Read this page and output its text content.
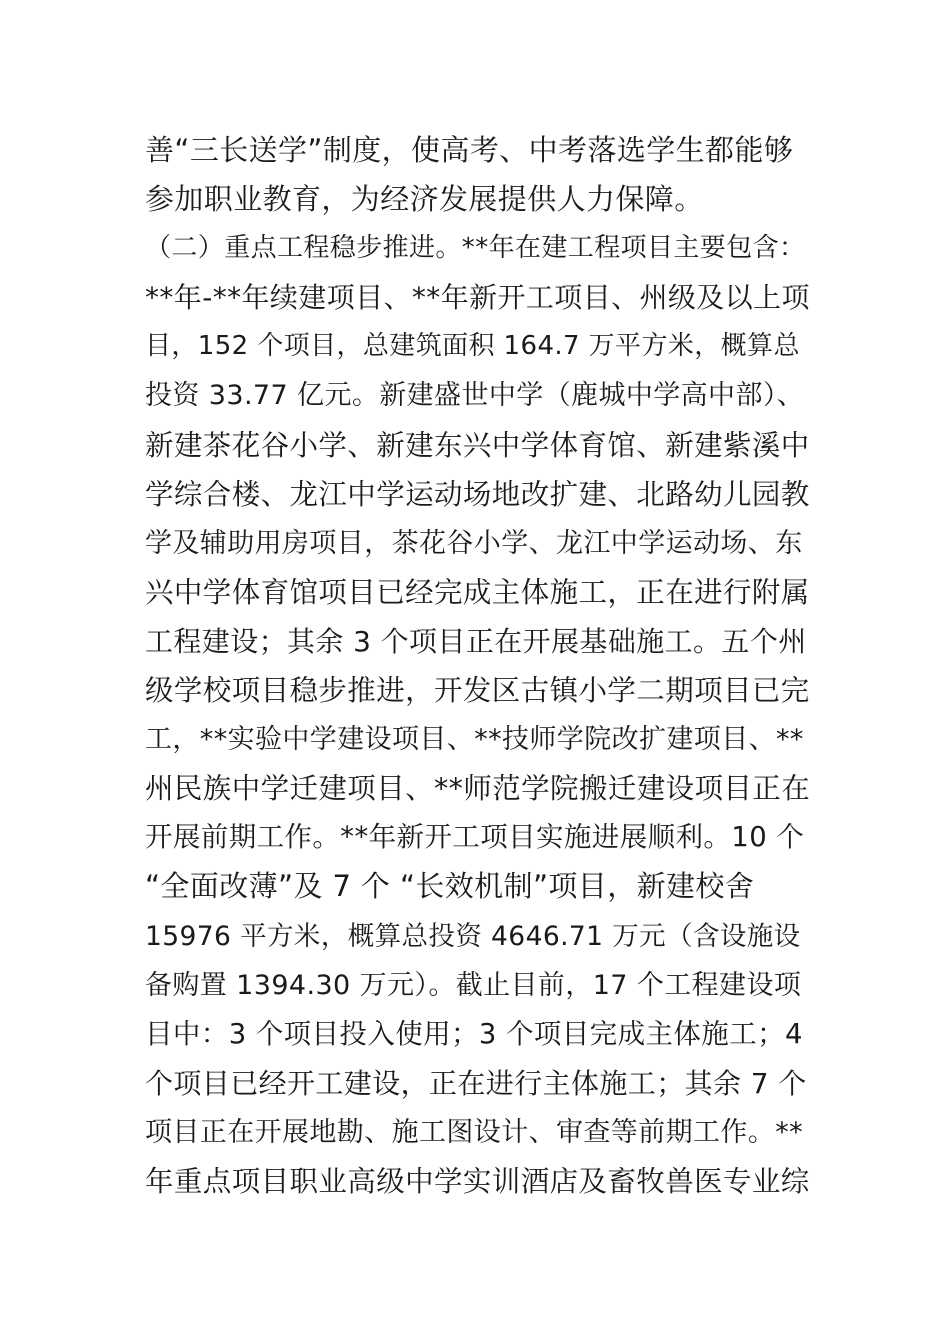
善“三长送学”制度，使高考、中考落选学生都能够
参加职业教育，为经济发展提供人力保障。
（二）重点工程稳步推进。**年在建工程项目主要包含：
**年-**年续建项目、**年新开工项目、州级及以上项
目，152 个项目，总建筑面积 164.7 万平方米，概算总
投资 33.77 亿元。新建盛世中学（鹿城中学高中部）、
新建茶花谷小学、新建东兴中学体育馆、新建紫溪中
学综合楼、龙江中学运动场地改扩建、北路幼儿园教
学及辅助用房项目，茶花谷小学、龙江中学运动场、东
兴中学体育馆项目已经完成主体施工，正在进行附属
工程建设；其余 3 个项目正在开展基础施工。五个州
级学校项目稳步推进，开发区古镇小学二期项目已完
工，**实验中学建设项目、**技师学院改扩建项目、**
州民族中学迁建项目、**师范学院搬迁建设项目正在
开展前期工作。**年新开工项目实施进展顺利。10 个
“全面改薄”及 7 个 “长效机制”项目，新建校舍
15976 平方米，概算总投资 4646.71 万元（含设施设
备购置 1394.30 万元）。截止目前，17 个工程建设项
目中：3 个项目投入使用；3 个项目完成主体施工；4
个项目已经开工建设，正在进行主体施工；其余 7 个
项目正在开展地勘、施工图设计、审查等前期工作。**
年重点项目职业高级中学实训酒店及畜牧兽医专业综
